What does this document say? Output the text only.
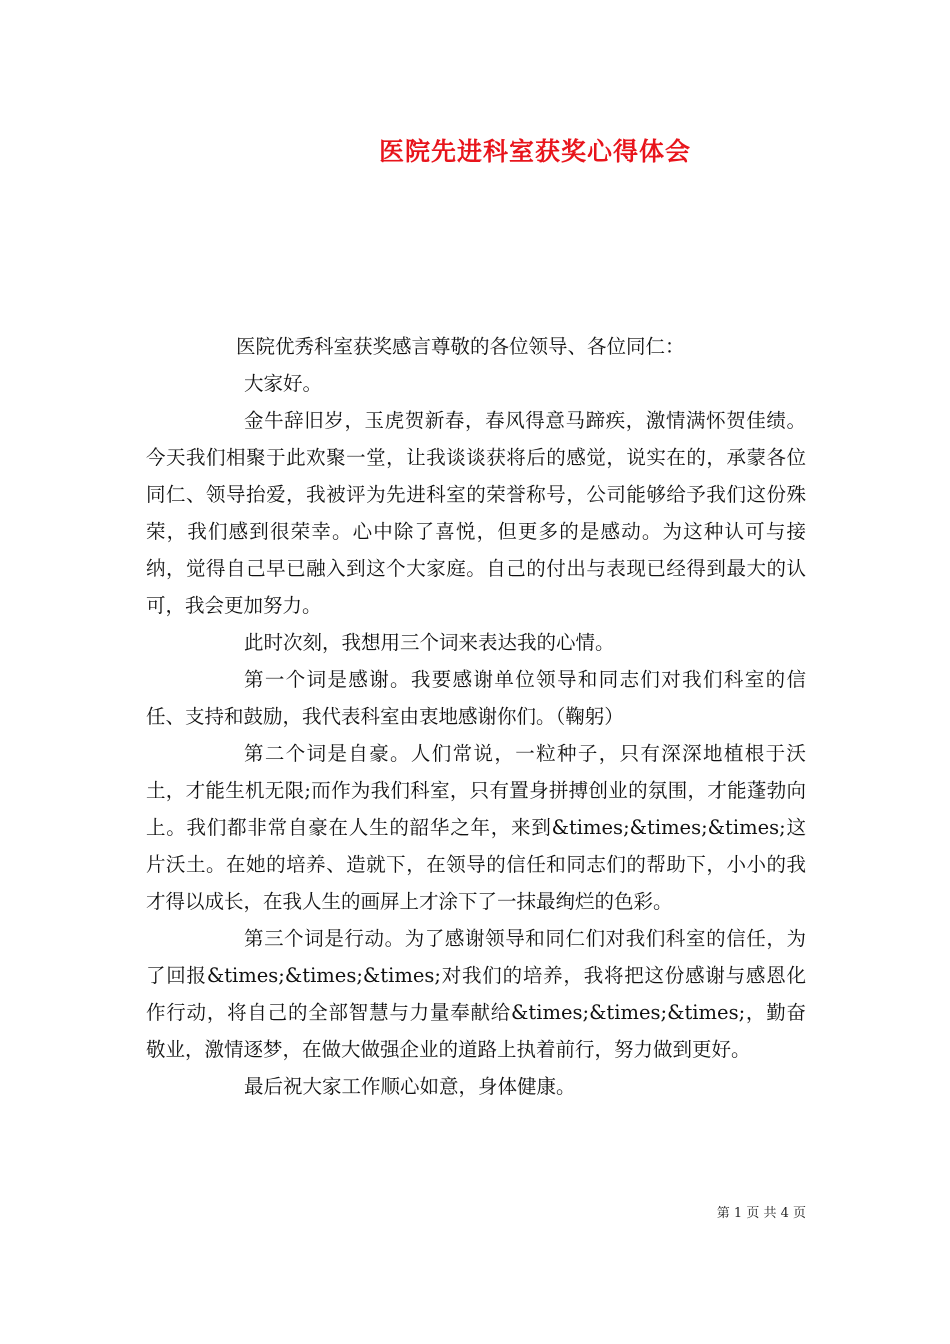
医院先进科室获奖心得体会

医院优秀科室获奖感言尊敬的各位领导、各位同仁：

大家好。

金牛辞旧岁，玉虎贺新春，春风得意马蹄疾，激情满怀贺佳绩。今天我们相聚于此欢聚一堂，让我谈谈获将后的感觉，说实在的，承蒙各位同仁、领导抬爱，我被评为先进科室的荣誉称号，公司能够给予我们这份殊荣，我们感到很荣幸。心中除了喜悦，但更多的是感动。为这种认可与接纳，觉得自己早已融入到这个大家庭。自己的付出与表现已经得到最大的认可，我会更加努力。

此时次刻，我想用三个词来表达我的心情。

第一个词是感谢。我要感谢单位领导和同志们对我们科室的信任、支持和鼓励，我代表科室由衷地感谢你们。（鞠躬）

第二个词是自豪。人们常说，一粒种子，只有深深地植根于沃土，才能生机无限;而作为我们科室，只有置身拼搏创业的氛围，才能蓬勃向上。我们都非常自豪在人生的韶华之年，来到&times;&times;&times;这片沃土。在她的培养、造就下，在领导的信任和同志们的帮助下，小小的我才得以成长，在我人生的画屏上才涂下了一抹最绚烂的色彩。

第三个词是行动。为了感谢领导和同仁们对我们科室的信任，为了回报&times;&times;&times;对我们的培养，我将把这份感谢与感恩化作行动，将自己的全部智慧与力量奉献给&times;&times;&times;，勤奋敬业，激情逐梦，在做大做强企业的道路上执着前行，努力做到更好。

最后祝大家工作顺心如意，身体健康。

第 1 页 共 4 页
